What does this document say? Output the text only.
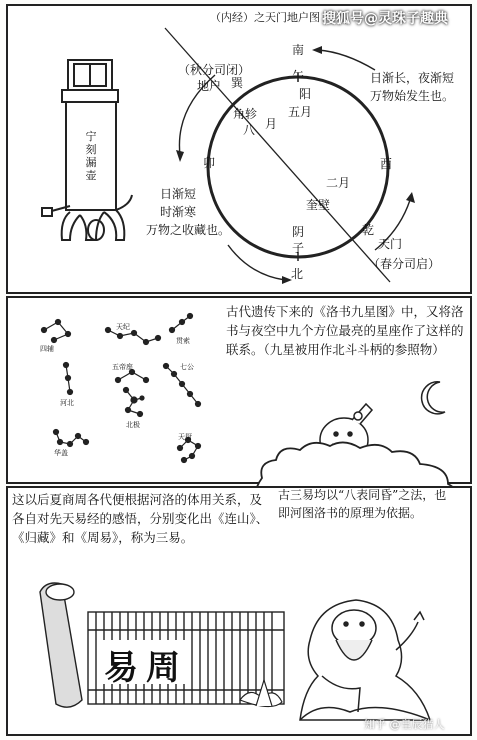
（内经）之天门地户图
南
午
阳
五月
北
子
阴
二月
酉
卯
乾
巽
角轸
八 月
奎壁
（秋分司闭）
地户
天门
（春分司启）
日渐长，夜渐短
万物始发生也。
日渐短
时渐寒
万物之收藏也。
宁刻漏壶
古代遗传下来的《洛书九星图》中，又将洛书与夜空中九个方位最亮的星座作了这样的联系。（九星被用作北斗斗柄的参照物）
天纪
四辅
贯索
五帝座
河北
七公
北极
天厨
华盖
这以后夏商周各代便根据河洛的体用关系，及各自对先天易经的感悟，分别变化出《连山》、《归藏》和《周易》，称为三易。
古三易均以“八表同昏”之法，也即河图洛书的原理为依据。
易 周
搜狐号@灵珠子趣典
知乎 @皇辰猎人
